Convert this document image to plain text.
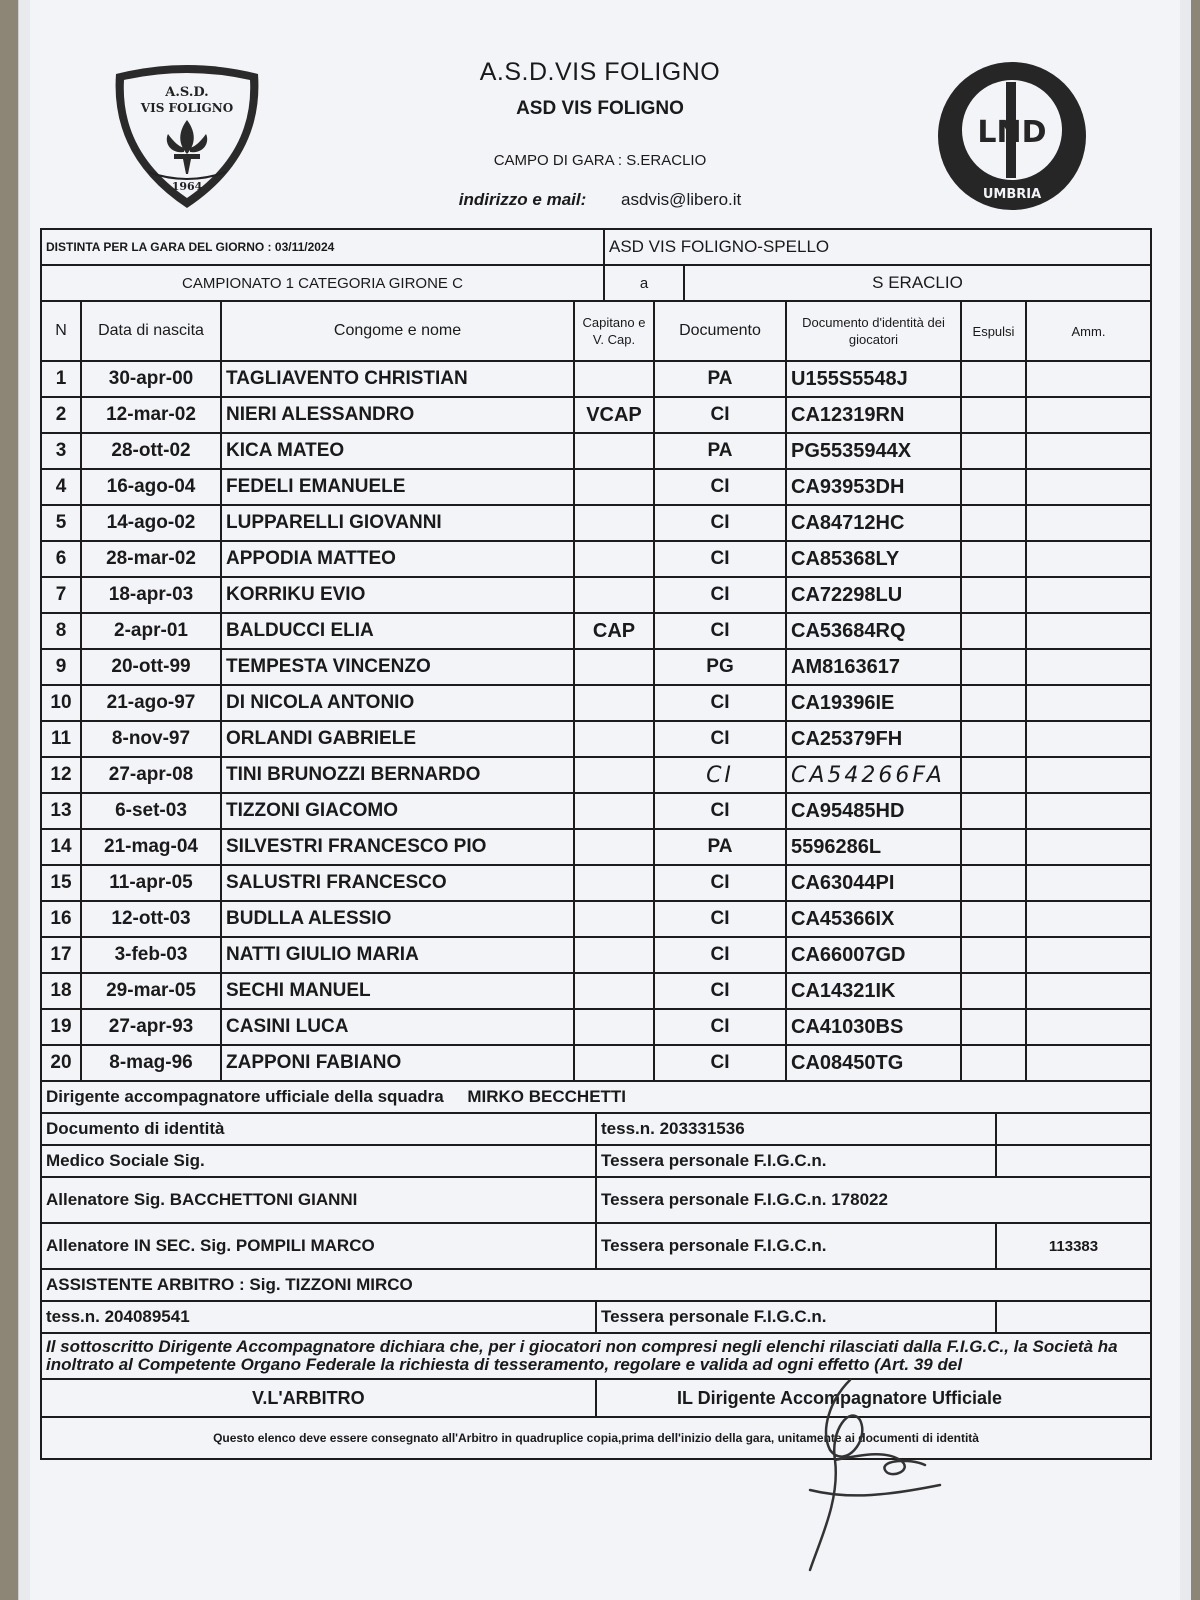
A.S.D.
VIS FOLIGNO
1964
LND
UMBRIA
A.S.D.VIS FOLIGNO
ASD VIS FOLIGNO
CAMPO DI GARA : S.ERACLIO
indirizzo e mail: asdvis@libero.it
DISTINTA PER LA GARA DEL GIORNO : 03/11/2024	ASD VIS FOLIGNO-SPELLO	
CAMPIONATO 1 CATEGORIA GIRONE C	a	S ERACLIO
N	Data di nascita	Congome e nome	Capitano e V. Cap.	Documento	Documento d'identità dei giocatori	Espulsi	Amm.
1	30-apr-00	TAGLIAVENTO CHRISTIAN		PA	U155S5548J		
2	12-mar-02	NIERI ALESSANDRO	VCAP	CI	CA12319RN		
3	28-ott-02	KICA MATEO		PA	PG5535944X		
4	16-ago-04	FEDELI EMANUELE		CI	CA93953DH		
5	14-ago-02	LUPPARELLI GIOVANNI		CI	CA84712HC		
6	28-mar-02	APPODIA MATTEO		CI	CA85368LY		
7	18-apr-03	KORRIKU EVIO		CI	CA72298LU		
8	2-apr-01	BALDUCCI ELIA	CAP	CI	CA53684RQ		
9	20-ott-99	TEMPESTA VINCENZO		PG	AM8163617		
10	21-ago-97	DI NICOLA ANTONIO		CI	CA19396IE		
11	8-nov-97	ORLANDI GABRIELE		CI	CA25379FH		
12	27-apr-08	TINI BRUNOZZI BERNARDO		CI	CA54266FA		
13	6-set-03	TIZZONI GIACOMO		CI	CA95485HD		
14	21-mag-04	SILVESTRI FRANCESCO PIO		PA	5596286L		
15	11-apr-05	SALUSTRI FRANCESCO		CI	CA63044PI		
16	12-ott-03	BUDLLA ALESSIO		CI	CA45366IX		
17	3-feb-03	NATTI GIULIO MARIA		CI	CA66007GD		
18	29-mar-05	SECHI MANUEL		CI	CA14321IK		
19	27-apr-93	CASINI LUCA		CI	CA41030BS		
20	8-mag-96	ZAPPONI FABIANO		CI	CA08450TG		
Dirigente accompagnatore ufficiale della squadra MIRKO BECCHETTI		
Documento di identità	tess.n. 203331536	
Medico Sociale Sig.	Tessera personale F.I.G.C.n.	
Allenatore Sig. BACCHETTONI GIANNI	Tessera personale F.I.G.C.n. 178022	
Allenatore IN SEC. Sig. POMPILI MARCO	Tessera personale F.I.G.C.n.	113383
ASSISTENTE ARBITRO : Sig. TIZZONI MIRCO		
tess.n. 204089541	Tessera personale F.I.G.C.n.	
Il sottoscritto Dirigente Accompagnatore dichiara che, per i giocatori non compresi negli elenchi rilasciati dalla F.I.G.C., la Società ha inoltrato al Competente Organo Federale la richiesta di tesseramento, regolare e valida ad ogni effetto (Art. 39 del		
V.L'ARBITRO	IL Dirigente Accompagnatore Ufficiale	
Questo elenco deve essere consegnato all'Arbitro in quadruplice copia,prima dell'inizio della gara, unitamente ai documenti di identità		
